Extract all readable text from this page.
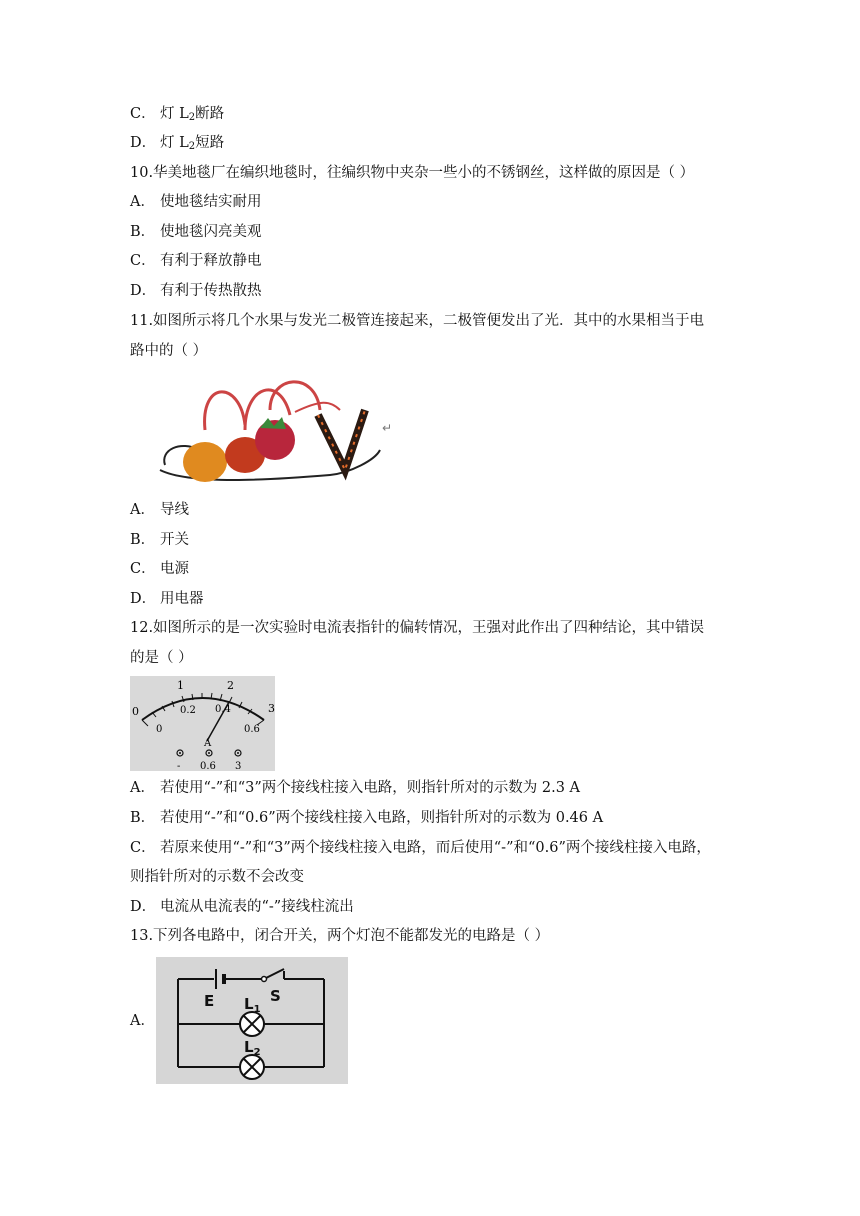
C． 灯 $L_2$断路
D． 灯 $L_2$短路
10.华美地毯厂在编织地毯时，往编织物中夹杂一些小的不锈钢丝，这样做的原因是（ ）
A． 使地毯结实耐用
B． 使地毯闪亮美观
C． 有利于释放静电
D． 有利于传热散热
11.如图所示将几个水果与发光二极管连接起来，二极管便发出了光．其中的水果相当于电
路中的（ ）
↵
A． 导线
B． 开关
C． 电源
D． 用电器
12.如图所示的是一次实验时电流表指针的偏转情况，王强对此作出了四种结论，其中错误
的是（ ）
0
1	2
3
0
0.2 0.4
0.6
A
- 0.6 3
A． 若使用“-”和“3”两个接线柱接入电路，则指针所对的示数为 2.3 A
B． 若使用“-”和“0.6”两个接线柱接入电路，则指针所对的示数为 0.46 A
C． 若原来使用“-”和“3”两个接线柱接入电路，而后使用“-”和“0.6”两个接线柱接入电路，
则指针所对的示数不会改变
D． 电流从电流表的“-”接线柱流出
13.下列各电路中，闭合开关，两个灯泡不能都发光的电路是（ ）
A．
E	S
$L_1$
$L_2$
